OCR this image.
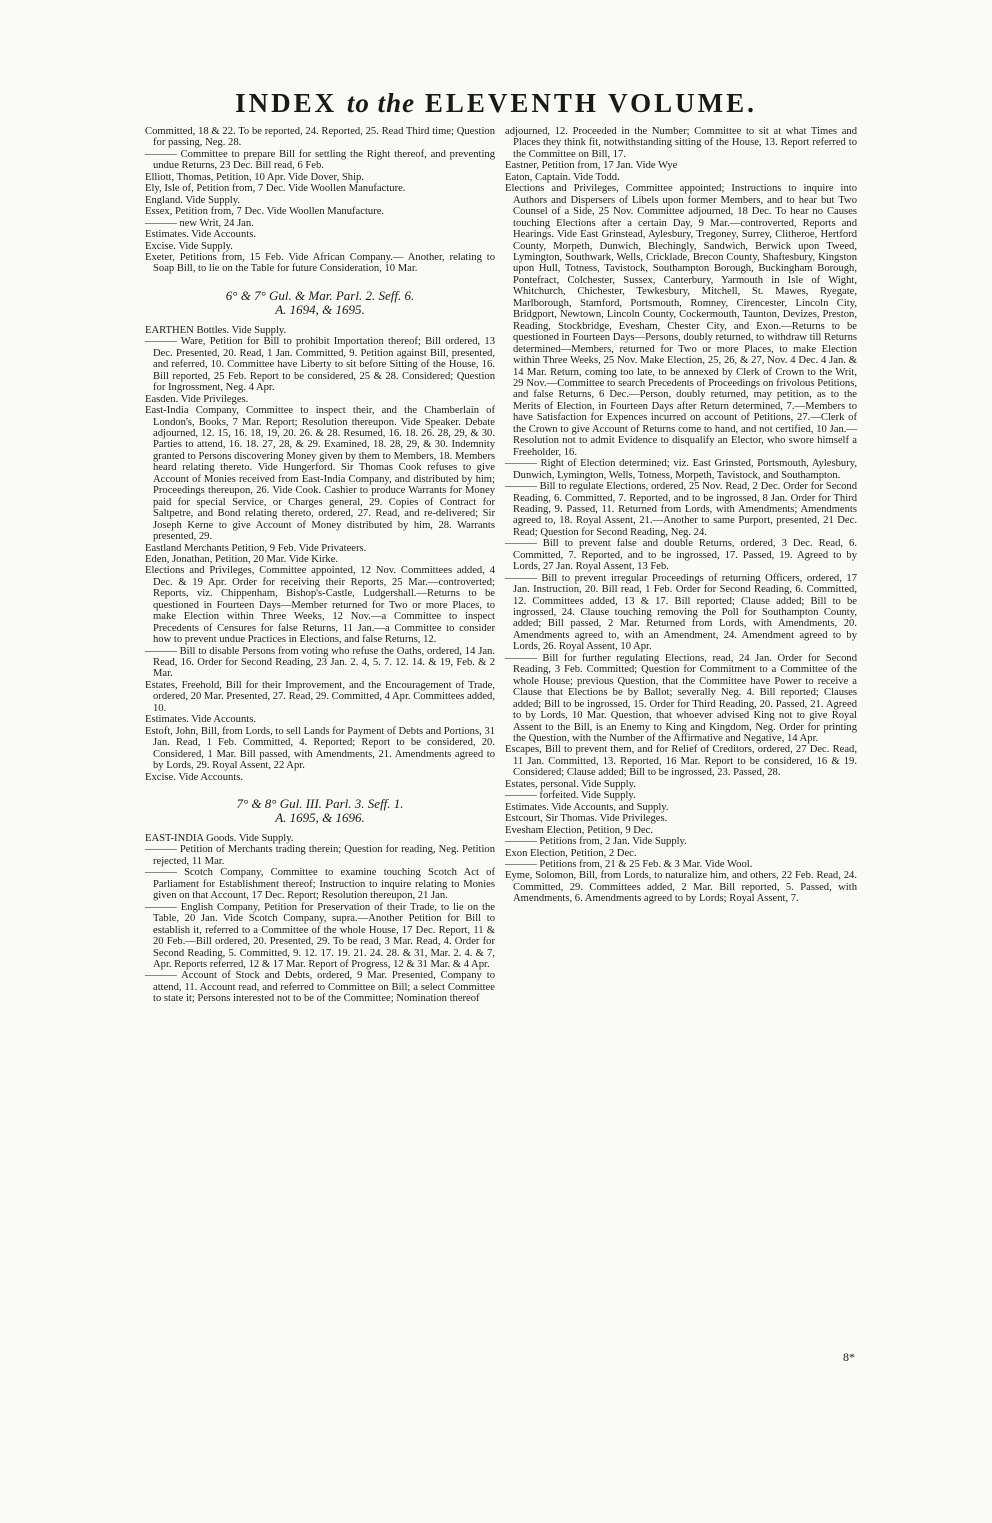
INDEX to the ELEVENTH VOLUME.
Committed, 18 & 22. To be reported, 24. Reported, 25. Read Third time; Question for passing, Neg. 28.
——— Committee to prepare Bill for settling the Right thereof, and preventing undue Returns, 23 Dec. Bill read, 6 Feb.
Elliott, Thomas, Petition, 10 Apr. Vide Dover, Ship.
Ely, Isle of, Petition from, 7 Dec. Vide Woollen Manufacture.
England. Vide Supply.
Essex, Petition from, 7 Dec. Vide Woollen Manufacture.
——— new Writ, 24 Jan.
Estimates. Vide Accounts.
Excise. Vide Supply.
Exeter, Petitions from, 15 Feb. Vide African Company.— Another, relating to Soap Bill, to lie on the Table for future Consideration, 10 Mar.
6° & 7° Gul. & Mar. Parl. 2. Seff. 6.
A. 1694, & 1695.
EARTHEN Bottles. Vide Supply.
——— Ware, Petition for Bill to prohibit Importation thereof; Bill ordered, 13 Dec. Presented, 20. Read, 1 Jan. Committed, 9. Petition against Bill, presented, and referred, 10. Committee have Liberty to sit before Sitting of the House, 16. Bill reported, 25 Feb. Report to be considered, 25 & 28. Considered; Question for Ingrossment, Neg. 4 Apr.
Easden. Vide Privileges.
East-India Company, Committee to inspect their, and the Chamberlain of London's, Books, 7 Mar. Report; Resolution thereupon. Vide Speaker. Debate adjourned, 12. 15, 16. 18, 19, 20. 26. & 28. Resumed, 16. 18. 26. 28, 29, & 30. Parties to attend, 16. 18. 27, 28, & 29. Examined, 18. 28, 29, & 30. Indemnity granted to Persons discovering Money given by them to Members, 18. Members heard relating thereto. Vide Hungerford. Sir Thomas Cook refuses to give Account of Monies received from East-India Company, and distributed by him; Proceedings thereupon, 26. Vide Cook. Cashier to produce Warrants for Money paid for special Service, or Charges general, 29. Copies of Contract for Saltpetre, and Bond relating thereto, ordered, 27. Read, and re-delivered; Sir Joseph Kerne to give Account of Money distributed by him, 28. Warrants presented, 29.
Eastland Merchants Petition, 9 Feb. Vide Privateers.
Eden, Jonathan, Petition, 20 Mar. Vide Kirke.
Elections and Privileges, Committee appointed, 12 Nov. Committees added, 4 Dec. & 19 Apr. Order for receiving their Reports, 25 Mar.—controverted; Reports, viz. Chippenham, Bishop's-Castle, Ludgershall.—Returns to be questioned in Fourteen Days—Member returned for Two or more Places, to make Election within Three Weeks, 12 Nov.—a Committee to inspect Precedents of Censures for false Returns, 11 Jan.—a Committee to consider how to prevent undue Practices in Elections, and false Returns, 12.
——— Bill to disable Persons from voting who refuse the Oaths, ordered, 14 Jan. Read, 16. Order for Second Reading, 23 Jan. 2. 4, 5. 7. 12. 14. & 19, Feb. & 2 Mar.
Estates, Freehold, Bill for their Improvement, and the Encouragement of Trade, ordered, 20 Mar. Presented, 27. Read, 29. Committed, 4 Apr. Committees added, 10.
Estimates. Vide Accounts.
Estoft, John, Bill, from Lords, to sell Lands for Payment of Debts and Portions, 31 Jan. Read, 1 Feb. Committed, 4. Reported; Report to be considered, 20. Considered, 1 Mar. Bill passed, with Amendments, 21. Amendments agreed to by Lords, 29. Royal Assent, 22 Apr.
Excise. Vide Accounts.
7° & 8° Gul. III. Parl. 3. Seff. 1.
A. 1695, & 1696.
EAST-INDIA Goods. Vide Supply.
——— Petition of Merchants trading therein; Question for reading, Neg. Petition rejected, 11 Mar.
——— Scotch Company, Committee to examine touching Scotch Act of Parliament for Establishment thereof; Instruction to inquire relating to Monies given on that Account, 17 Dec. Report; Resolution thereupon, 21 Jan.
——— English Company, Petition for Preservation of their Trade, to lie on the Table, 20 Jan. Vide Scotch Company, supra.—Another Petition for Bill to establish it, referred to a Committee of the whole House, 17 Dec. Report, 11 & 20 Feb.—Bill ordered, 20. Presented, 29. To be read, 3 Mar. Read, 4. Order for Second Reading, 5. Committed, 9. 12. 17. 19. 21. 24. 28. & 31, Mar. 2. 4. & 7, Apr. Reports referred, 12 & 17 Mar. Report of Progress, 12 & 31 Mar. & 4 Apr.
——— Account of Stock and Debts, ordered, 9 Mar. Presented, Company to attend, 11. Account read, and referred to Committee on Bill; a select Committee to state it; Persons interested not to be of the Committee; Nomination thereof
adjourned, 12. Proceeded in the Number; Committee to sit at what Times and Places they think fit, notwithstanding sitting of the House, 13. Report referred to the Committee on Bill, 17.
Eastner, Petition from, 17 Jan. Vide Wye
Eaton, Captain. Vide Todd.
Elections and Privileges, Committee appointed; Instructions to inquire into Authors and Dispersers of Libels upon former Members, and to hear but Two Counsel of a Side, 25 Nov. Committee adjourned, 18 Dec. To hear no Causes touching Elections after a certain Day, 9 Mar.—controverted, Reports and Hearings. Vide East Grinstead, Aylesbury, Tregoney, Surrey, Clitheroe, Hertford County, Morpeth, Dunwich, Blechingly, Sandwich, Berwick upon Tweed, Lymington, Southwark, Wells, Cricklade, Brecon County, Shaftesbury, Kingston upon Hull, Totness, Tavistock, Southampton Borough, Buckingham Borough, Pontefract, Colchester, Sussex, Canterbury, Yarmouth in Isle of Wight, Whitchurch, Chichester, Tewkesbury, Mitchell, St. Mawes, Ryegate, Marlborough, Stamford, Portsmouth, Romney, Cirencester, Lincoln City, Bridgport, Newtown, Lincoln County, Cockermouth, Taunton, Devizes, Preston, Reading, Stockbridge, Evesham, Chester City, and Exon.—Returns to be questioned in Fourteen Days—Persons, doubly returned, to withdraw till Returns determined—Members, returned for Two or more Places, to make Election within Three Weeks, 25 Nov. Make Election, 25, 26, & 27, Nov. 4 Dec. 4 Jan. & 14 Mar. Return, coming too late, to be annexed by Clerk of Crown to the Writ, 29 Nov.—Committee to search Precedents of Proceedings on frivolous Petitions, and false Returns, 6 Dec.—Person, doubly returned, may petition, as to the Merits of Election, in Fourteen Days after Return determined, 7.—Members to have Satisfaction for Expences incurred on account of Petitions, 27.—Clerk of the Crown to give Account of Returns come to hand, and not certified, 10 Jan.—Resolution not to admit Evidence to disqualify an Elector, who swore himself a Freeholder, 16.
——— Right of Election determined; viz. East Grinsted, Portsmouth, Aylesbury, Dunwich, Lymington, Wells, Totness, Morpeth, Tavistock, and Southampton.
——— Bill to regulate Elections, ordered, 25 Nov. Read, 2 Dec. Order for Second Reading, 6. Committed, 7. Reported, and to be ingrossed, 8 Jan. Order for Third Reading, 9. Passed, 11. Returned from Lords, with Amendments; Amendments agreed to, 18. Royal Assent, 21.—Another to same Purport, presented, 21 Dec. Read; Question for Second Reading, Neg. 24.
——— Bill to prevent false and double Returns, ordered, 3 Dec. Read, 6. Committed, 7. Reported, and to be ingrossed, 17. Passed, 19. Agreed to by Lords, 27 Jan. Royal Assent, 13 Feb.
——— Bill to prevent irregular Proceedings of returning Officers, ordered, 17 Jan. Instruction, 20. Bill read, 1 Feb. Order for Second Reading, 6. Committed, 12. Committees added, 13 & 17. Bill reported; Clause added; Bill to be ingrossed, 24. Clause touching removing the Poll for Southampton County, added; Bill passed, 2 Mar. Returned from Lords, with Amendments, 20. Amendments agreed to, with an Amendment, 24. Amendment agreed to by Lords, 26. Royal Assent, 10 Apr.
——— Bill for further regulating Elections, read, 24 Jan. Order for Second Reading, 3 Feb. Committed; Question for Commitment to a Committee of the whole House; previous Question, that the Committee have Power to receive a Clause that Elections be by Ballot; severally Neg. 4. Bill reported; Clauses added; Bill to be ingrossed, 15. Order for Third Reading, 20. Passed, 21. Agreed to by Lords, 10 Mar. Question, that whoever advised King not to give Royal Assent to the Bill, is an Enemy to King and Kingdom, Neg. Order for printing the Question, with the Number of the Affirmative and Negative, 14 Apr.
Escapes, Bill to prevent them, and for Relief of Creditors, ordered, 27 Dec. Read, 11 Jan. Committed, 13. Reported, 16 Mar. Report to be considered, 16 & 19. Considered; Clause added; Bill to be ingrossed, 23. Passed, 28.
Estates, personal. Vide Supply.
——— forfeited. Vide Supply.
Estimates. Vide Accounts, and Supply.
Estcourt, Sir Thomas. Vide Privileges.
Evesham Election, Petition, 9 Dec.
——— Petitions from, 2 Jan. Vide Supply.
Exon Election, Petition, 2 Dec.
——— Petitions from, 21 & 25 Feb. & 3 Mar. Vide Wool.
Eyme, Solomon, Bill, from Lords, to naturalize him, and others, 22 Feb. Read, 24. Committed, 29. Committees added, 2 Mar. Bill reported, 5. Passed, with Amendments, 6. Amendments agreed to by Lords; Royal Assent, 7.
8*
